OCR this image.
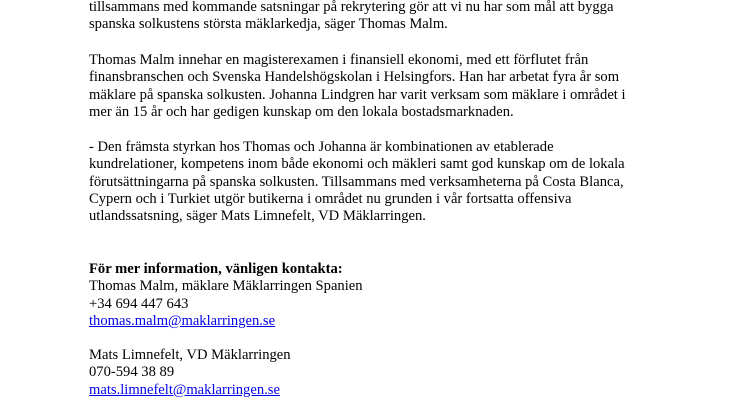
tillsammans med kommande satsningar på rekrytering gör att vi nu har som mål att bygga
spanska solkustens största mäklarkedja, säger Thomas Malm.
Thomas Malm innehar en magisterexamen i finansiell ekonomi, med ett förflutet från
finansbranschen och Svenska Handelshögskolan i Helsingfors. Han har arbetat fyra år som
mäklare på spanska solkusten. Johanna Lindgren har varit verksam som mäklare i området i
mer än 15 år och har gedigen kunskap om den lokala bostadsmarknaden.
- Den främsta styrkan hos Thomas och Johanna är kombinationen av etablerade
kundrelationer, kompetens inom både ekonomi och mäkleri samt god kunskap om de lokala
förutsättningarna på spanska solkusten. Tillsammans med verksamheterna på Costa Blanca,
Cypern och i Turkiet utgör butikerna i området nu grunden i vår fortsatta offensiva
utlandssatsning, säger Mats Limnefelt, VD Mäklarringen.
För mer information, vänligen kontakta:
Thomas Malm, mäklare Mäklarringen Spanien
+34 694 447 643
thomas.malm@maklarringen.se
Mats Limnefelt, VD Mäklarringen
070-594 38 89
mats.limnefelt@maklarringen.se
